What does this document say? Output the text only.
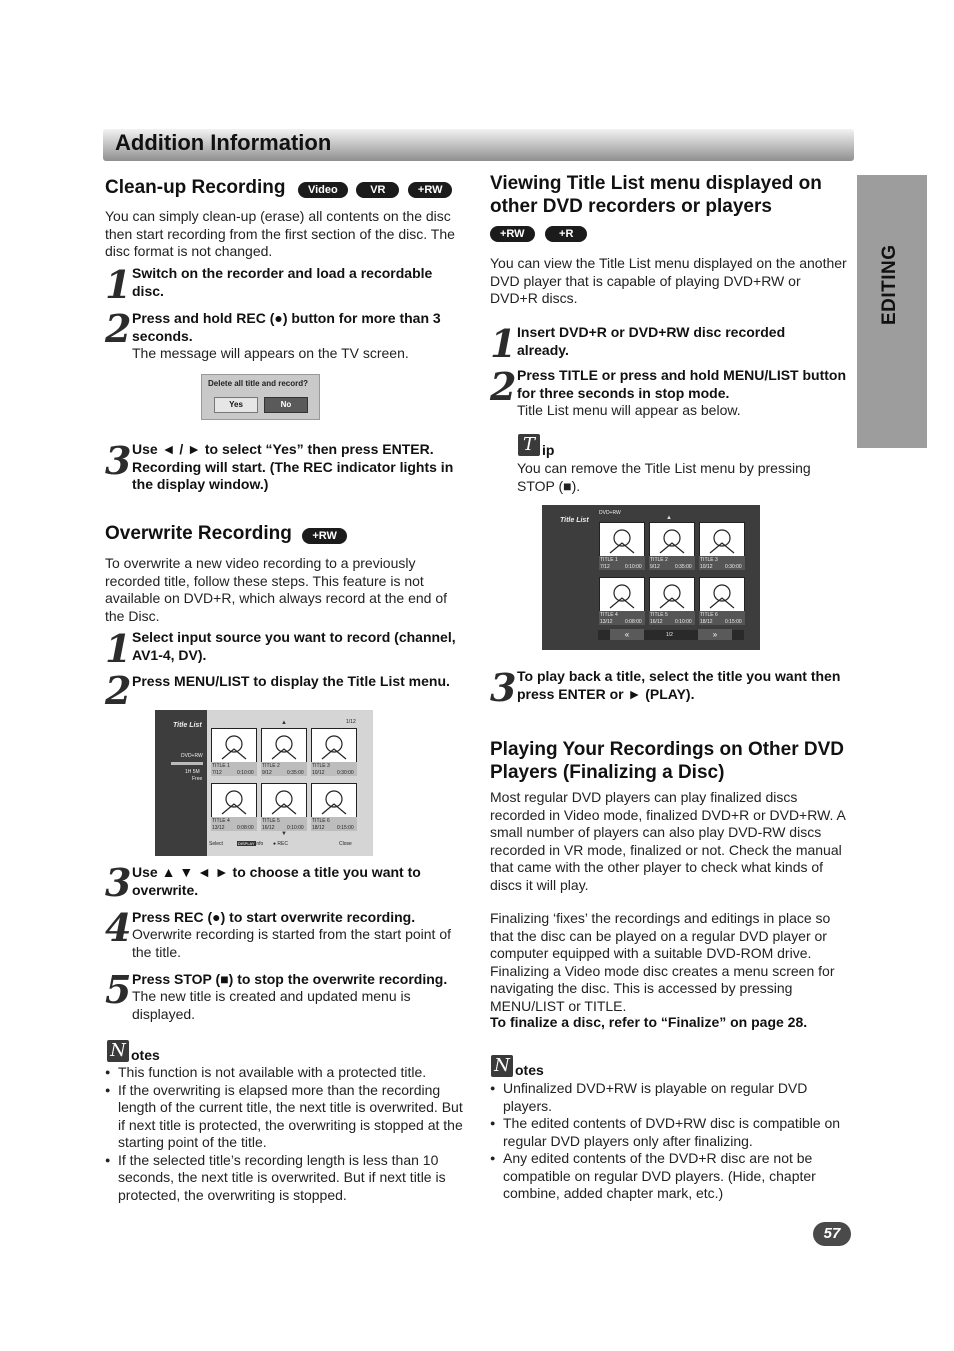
Addition Information
EDITING
Clean-up Recording Video	VR	+RW
You can simply clean-up (erase) all contents on the disc then start recording from the first section of the disc. The disc format is not changed.
1 Switch on the recorder and load a recordable disc.
2 Press and hold REC (●) button for more than 3 seconds.
The message will appears on the TV screen.
Delete all title and record?
Yes	No
3 Use ◄ / ► to select “Yes” then press ENTER. Recording will start. (The REC indicator lights in the display window.)
Overwrite Recording +RW
To overwrite a new video recording to a previously recorded title, follow these steps. This feature is not available on DVD+R, which always record at the end of the Disc.
1 Select input source you want to record (channel, AV1-4, DV).
2 Press MENU/LIST to display the Title List menu.
Title List
DVD+RW
1H 5M
Free
1/12
▲
▼
Select	DISPLAY Info ● REC	Close
TITLE 1
7/12	0:10:00
TITLE 2
9/12	0:35:00
TITLE 3
10/12 0:30:00
TITLE 4
13/12 0:08:00
TITLE 5
16/12 0:10:00
TITLE 6
18/12 0:15:00
3 Use ▲ ▼ ◄ ► to choose a title you want to overwrite.
4 Press REC (●) to start overwrite recording.
Overwrite recording is started from the start point of the title.
5 Press STOP (■) to stop the overwrite recording.
The new title is created and updated menu is displayed.
N otes
● This function is not available with a protected title.
● If the overwriting is elapsed more than the recording length of the current title, the next title is overwrited. But if next title is protected, the overwriting is stopped at the starting point of the title.
● If the selected title’s recording length is less than 10 seconds, the next title is overwrited. But if next title is protected, the overwriting is stopped.
Viewing Title List menu displayed on other DVD recorders or players
+RW	+R
You can view the Title List menu displayed on the another DVD player that is capable of playing DVD+RW or DVD+R discs.
1 Insert DVD+R or DVD+RW disc recorded already.
2 Press TITLE or press and hold MENU/LIST button for three seconds in stop mode.
Title List menu will appear as below.
T ip
You can remove the Title List menu by pressing STOP (■).
Title List
DVD+RW
▲
«	1/2	»
TITLE 1
7/12	0:10:00
TITLE 2
9/12	0:35:00
TITLE 3
10/12 0:30:00
TITLE 4
13/12 0:08:00
TITLE 5
16/12 0:10:00
TITLE 6
18/12 0:15:00
3 To play back a title, select the title you want then press ENTER or ► (PLAY).
Playing Your Recordings on Other DVD Players (Finalizing a Disc)
Most regular DVD players can play finalized discs recorded in Video mode, finalized DVD+R or DVD+RW. A small number of players can also play DVD-RW discs recorded in VR mode, finalized or not. Check the manual that came with the other player to check what kinds of discs it will play.
Finalizing ‘fixes’ the recordings and editings in place so that the disc can be played on a regular DVD player or computer equipped with a suitable DVD-ROM drive. Finalizing a Video mode disc creates a menu screen for navigating the disc. This is accessed by pressing MENU/LIST or TITLE.
To finalize a disc, refer to “Finalize” on page 28.
N otes
● Unfinalized DVD+RW is playable on regular DVD players.
● The edited contents of DVD+RW disc is compatible on regular DVD players only after finalizing.
● Any edited contents of the DVD+R disc are not be compatible on regular DVD players. (Hide, chapter combine, added chapter mark, etc.)
57
